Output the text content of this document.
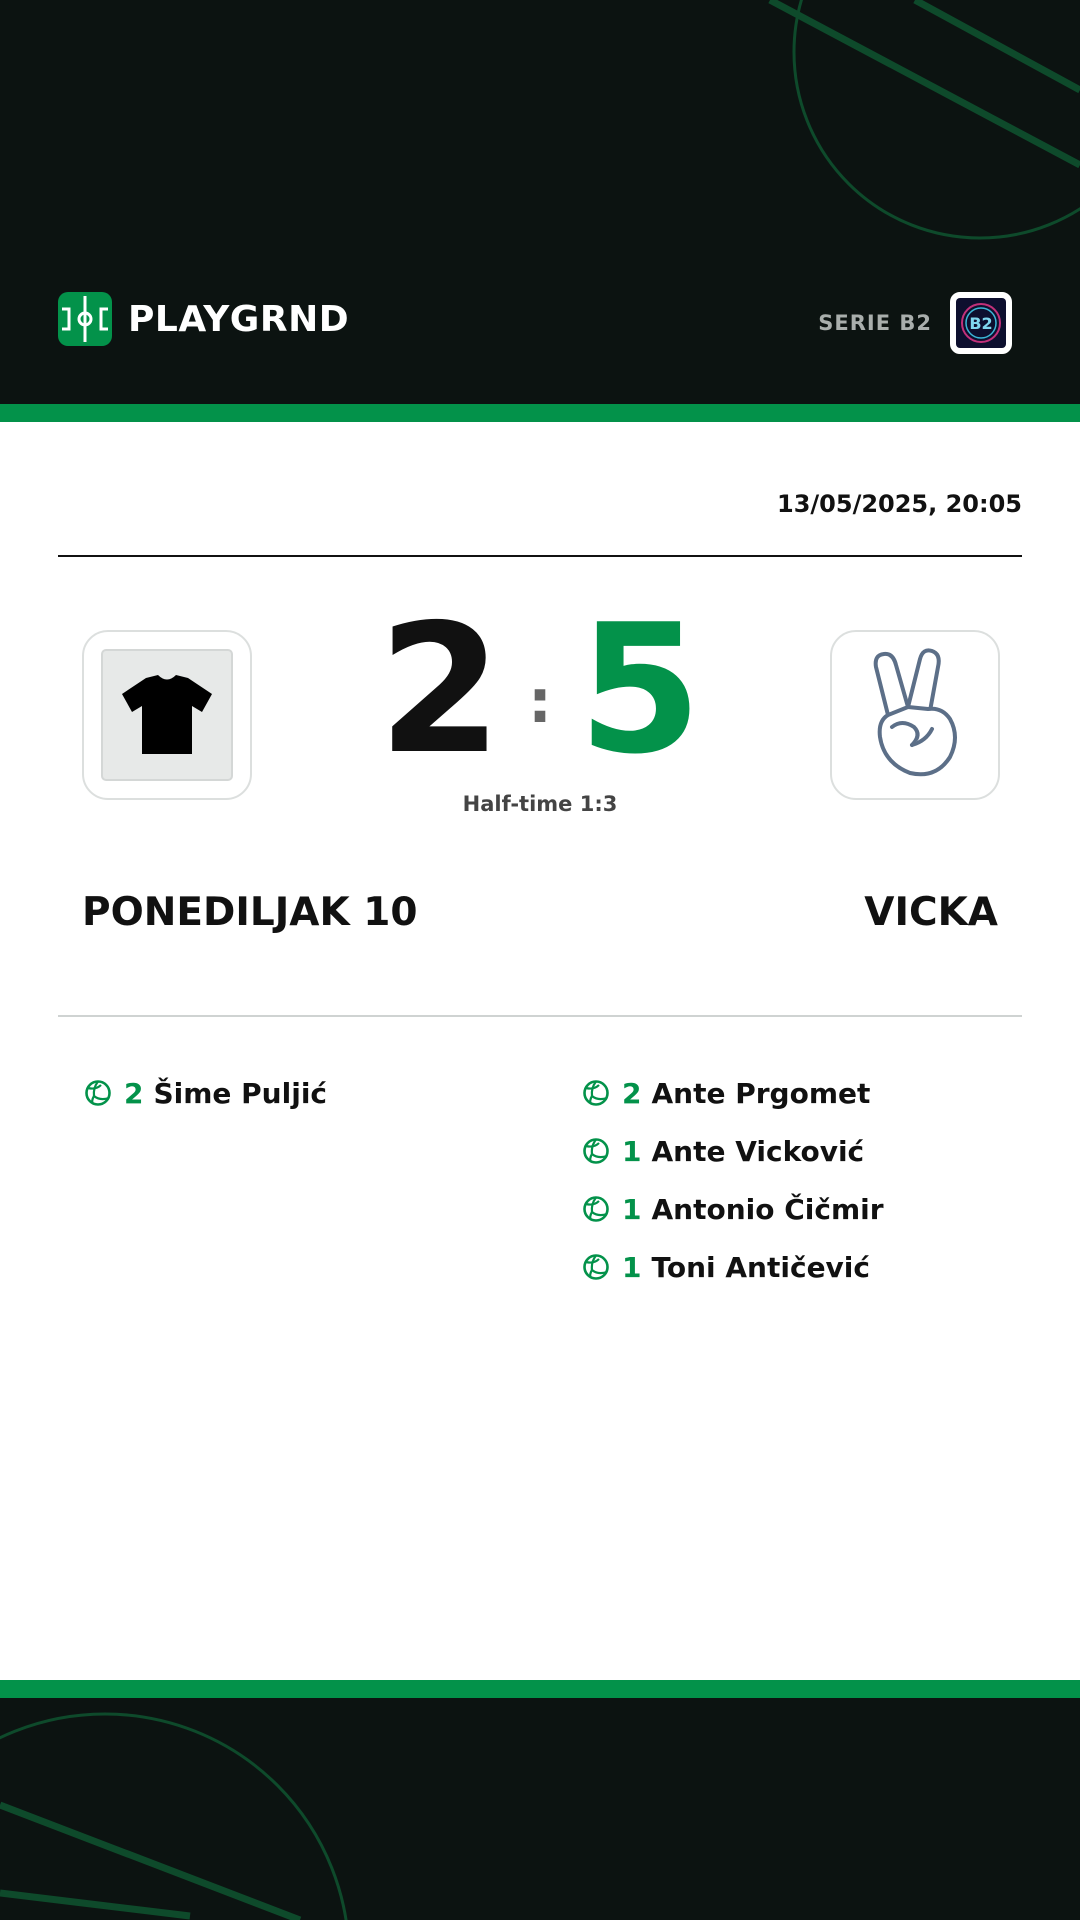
PLAYGRND	SERIE B2 B2
13/05/2025, 20:05
2 : 5
Half-time 1:3
PONEDILJAK 10	VICKA
2 Šime Puljić	2 Ante Prgomet
1 Ante Vicković
1 Antonio Čičmir
1 Toni Antičević
